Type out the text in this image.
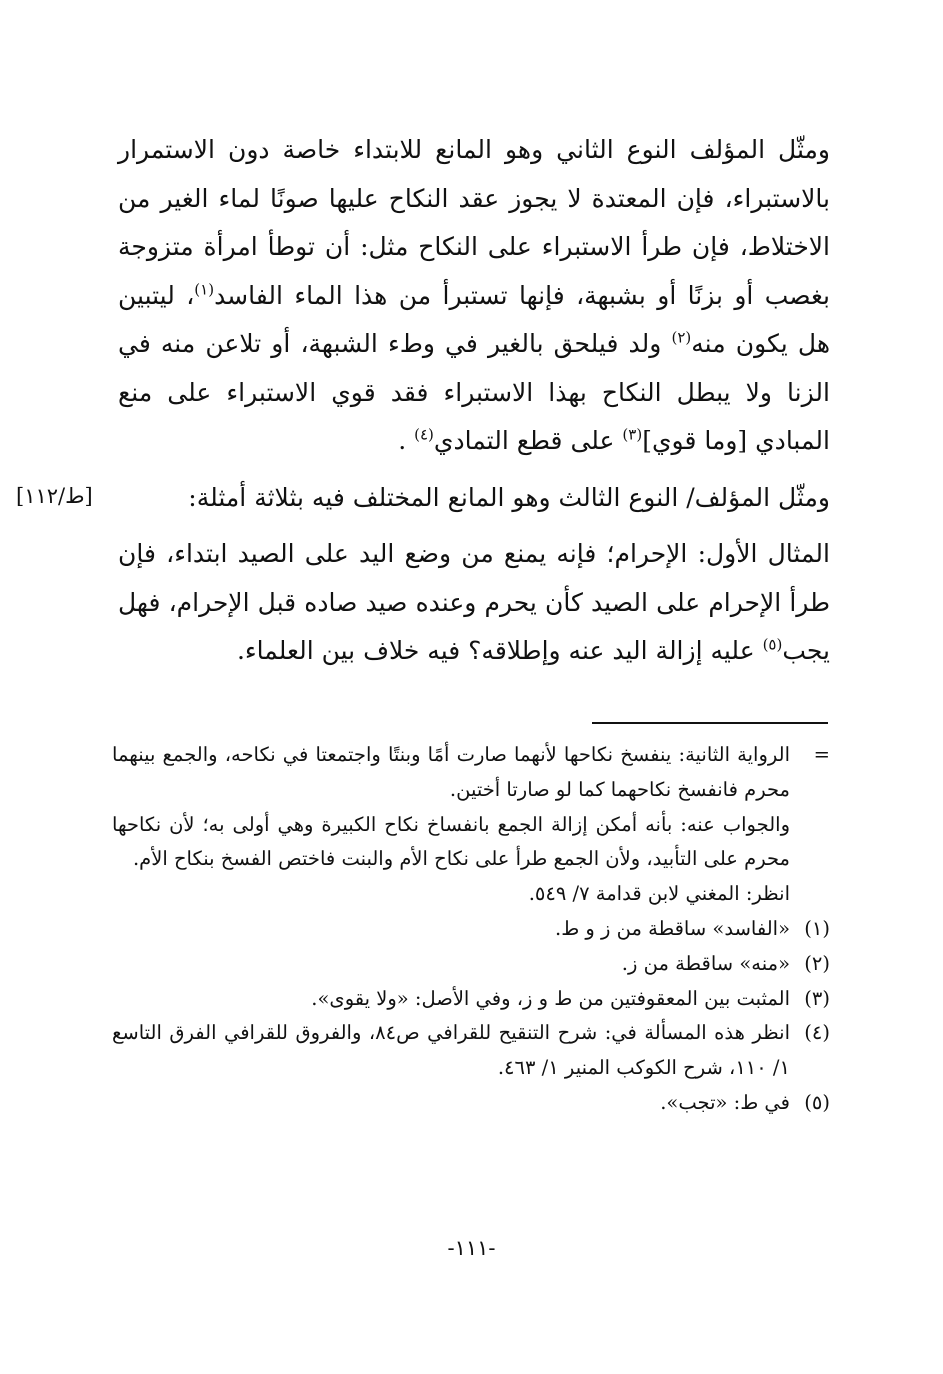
[ط/١١٢]

ومثّل المؤلف النوع الثاني وهو المانع للابتداء خاصة دون الاستمرار بالاستبراء، فإن المعتدة لا يجوز عقد النكاح عليها صونًا لماء الغير من الاختلاط، فإن طرأ الاستبراء على النكاح مثل: أن توطأ امرأة متزوجة بغصب أو بزنًا أو بشبهة، فإنها تستبرأ من هذا الماء الفاسد$^{(١)}$، ليتبين هل يكون منه$^{(٢)}$ ولد فيلحق بالغير في وطء الشبهة، أو تلاعن منه في الزنا ولا يبطل النكاح بهذا الاستبراء فقد قوي الاستبراء على منع المبادي [وما قوي]$^{(٣)}$ على قطع التمادي$^{(٤)}$ .

ومثّل المؤلف/ النوع الثالث وهو المانع المختلف فيه بثلاثة أمثلة:

المثال الأول: الإحرام؛ فإنه يمنع من وضع اليد على الصيد ابتداء، فإن طرأ الإحرام على الصيد كأن يحرم وعنده صيد صاده قبل الإحرام، فهل يجب$^{(٥)}$ عليه إزالة اليد عنه وإطلاقه؟ فيه خلاف بين العلماء.

=
الرواية الثانية: ينفسخ نكاحها لأنهما صارت أمًا وبنتًا واجتمعتا في نكاحه، والجمع بينهما محرم فانفسخ نكاحهما كما لو صارتا أختين.
والجواب عنه: بأنه أمكن إزالة الجمع بانفساخ نكاح الكبيرة وهي أولى به؛ لأن نكاحها محرم على التأبيد، ولأن الجمع طرأ على نكاح الأم والبنت فاختص الفسخ بنكاح الأم.
انظر: المغني لابن قدامة ٧/ ٥٤٩.
(١)
«الفاسد» ساقطة من ز و ط.
(٢)
«منه» ساقطة من ز.
(٣)
المثبت بين المعقوفتين من ط و ز، وفي الأصل: «ولا يقوى».
(٤)
انظر هذه المسألة في: شرح التنقيح للقرافي ص٨٤، والفروق للقرافي الفرق التاسع ١/ ١١٠، شرح الكوكب المنير ١/ ٤٦٣.
(٥)
في ط: «تجب».
-١١١-
